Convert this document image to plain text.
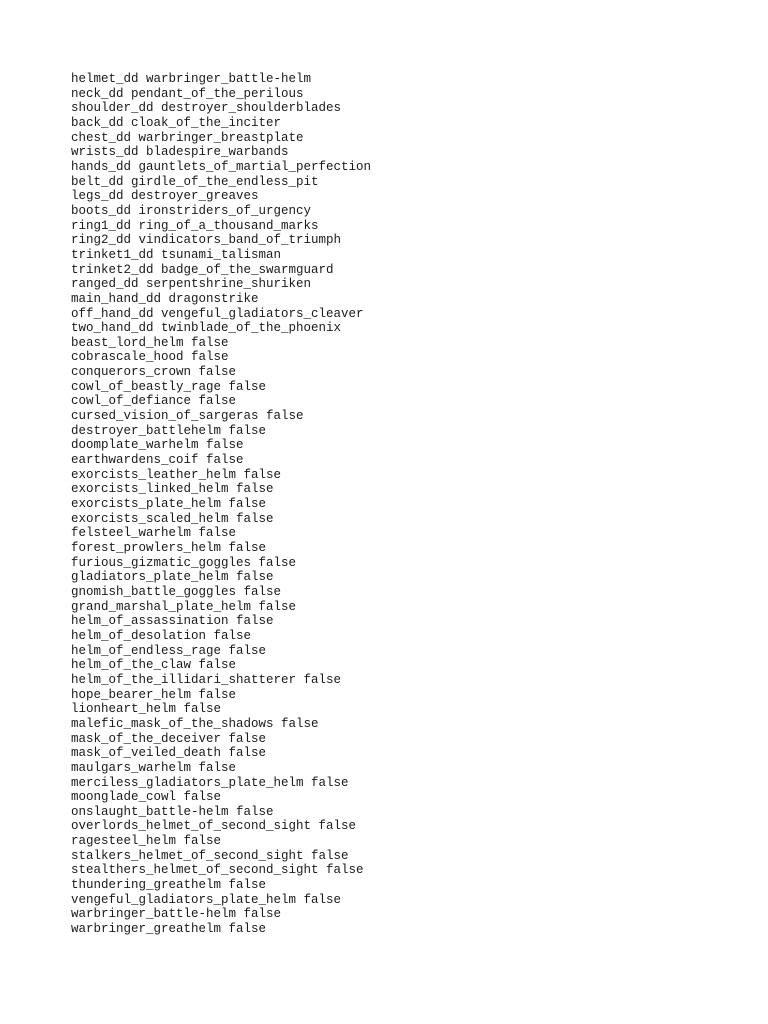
helmet_dd warbringer_battle-helm
neck_dd pendant_of_the_perilous
shoulder_dd destroyer_shoulderblades
back_dd cloak_of_the_inciter
chest_dd warbringer_breastplate
wrists_dd bladespire_warbands
hands_dd gauntlets_of_martial_perfection
belt_dd girdle_of_the_endless_pit
legs_dd destroyer_greaves
boots_dd ironstriders_of_urgency
ring1_dd ring_of_a_thousand_marks
ring2_dd vindicators_band_of_triumph
trinket1_dd tsunami_talisman
trinket2_dd badge_of_the_swarmguard
ranged_dd serpentshrine_shuriken
main_hand_dd dragonstrike
off_hand_dd vengeful_gladiators_cleaver
two_hand_dd twinblade_of_the_phoenix
beast_lord_helm false
cobrascale_hood false
conquerors_crown false
cowl_of_beastly_rage false
cowl_of_defiance false
cursed_vision_of_sargeras false
destroyer_battlehelm false
doomplate_warhelm false
earthwardens_coif false
exorcists_leather_helm false
exorcists_linked_helm false
exorcists_plate_helm false
exorcists_scaled_helm false
felsteel_warhelm false
forest_prowlers_helm false
furious_gizmatic_goggles false
gladiators_plate_helm false
gnomish_battle_goggles false
grand_marshal_plate_helm false
helm_of_assassination false
helm_of_desolation false
helm_of_endless_rage false
helm_of_the_claw false
helm_of_the_illidari_shatterer false
hope_bearer_helm false
lionheart_helm false
malefic_mask_of_the_shadows false
mask_of_the_deceiver false
mask_of_veiled_death false
maulgars_warhelm false
merciless_gladiators_plate_helm false
moonglade_cowl false
onslaught_battle-helm false
overlords_helmet_of_second_sight false
ragesteel_helm false
stalkers_helmet_of_second_sight false
stealthers_helmet_of_second_sight false
thundering_greathelm false
vengeful_gladiators_plate_helm false
warbringer_battle-helm false
warbringer_greathelm false
